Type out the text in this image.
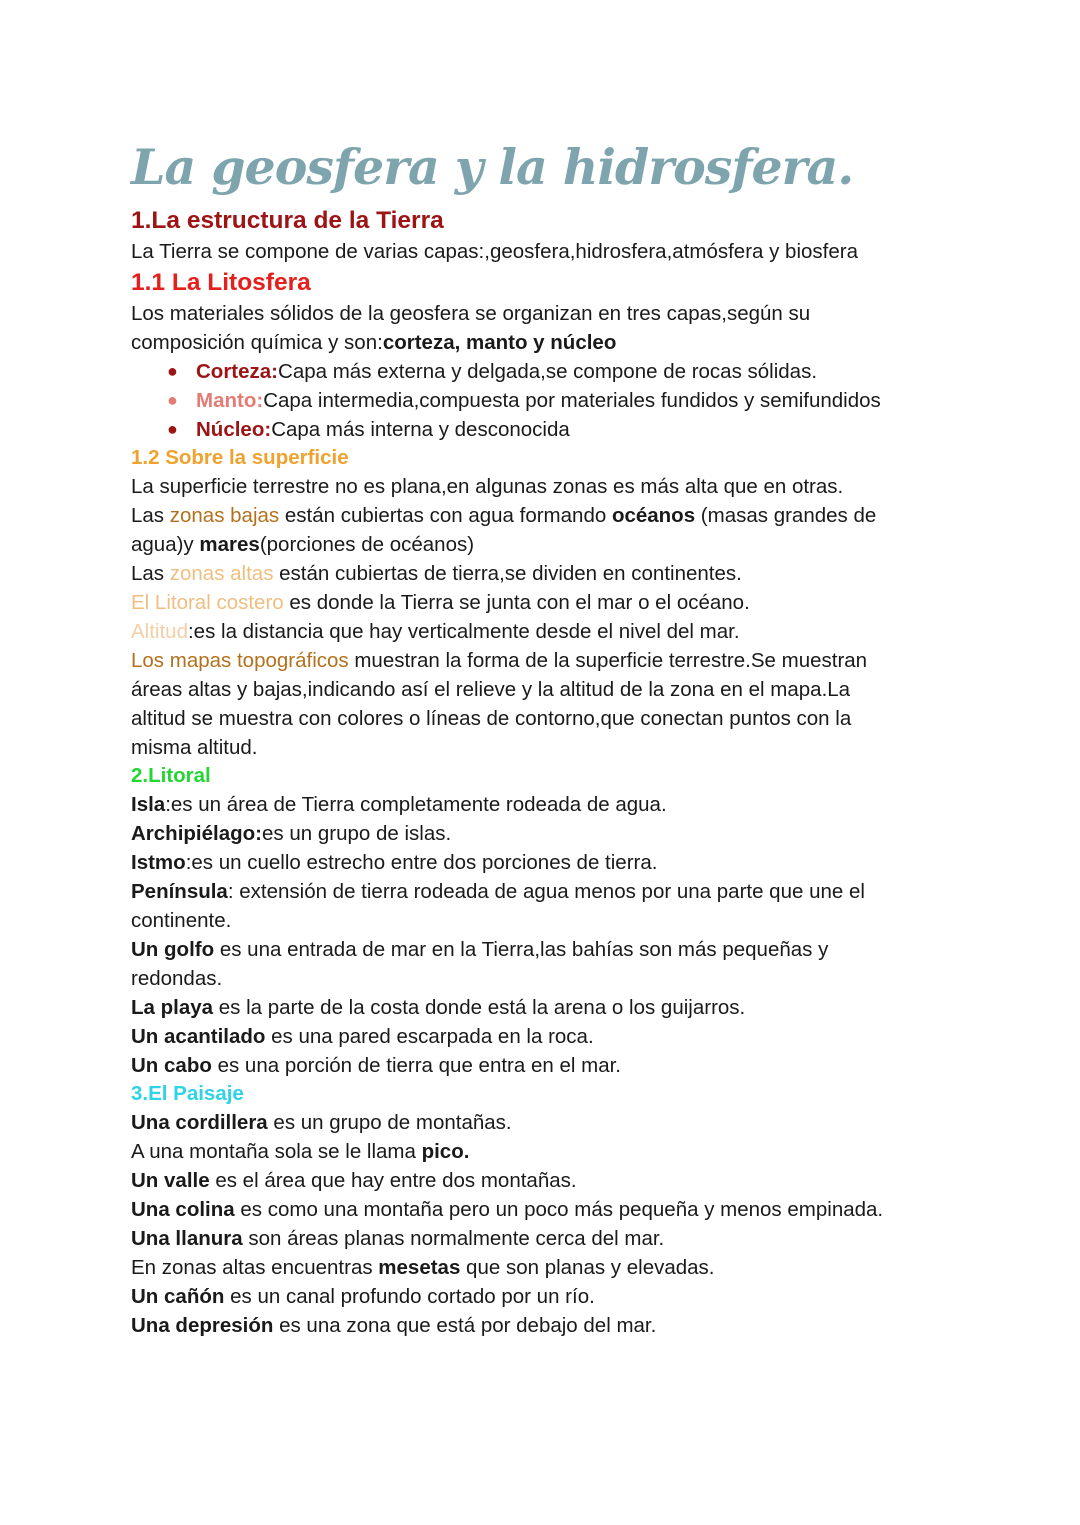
La geosfera y la hidrosfera.
1.La estructura de la Tierra
La Tierra se compone de varias capas:,geosfera,hidrosfera,atmósfera y biosfera
1.1 La Litosfera
Los materiales sólidos de la geosfera se organizan en tres capas,según su
composición química y son:corteza, manto y núcleo
● Corteza:Capa más externa y delgada,se compone de rocas sólidas.
● Manto:Capa intermedia,compuesta por materiales fundidos y semifundidos
● Núcleo:Capa más interna y desconocida
1.2 Sobre la superficie
La superficie terrestre no es plana,en algunas zonas es más alta que en otras.
Las zonas bajas están cubiertas con agua formando océanos (masas grandes de
agua)y mares(porciones de océanos)
Las zonas altas están cubiertas de tierra,se dividen en continentes.
El Litoral costero es donde la Tierra se junta con el mar o el océano.
Altitud:es la distancia que hay verticalmente desde el nivel del mar.
Los mapas topográficos muestran la forma de la superficie terrestre.Se muestran
áreas altas y bajas,indicando así el relieve y la altitud de la zona en el mapa.La
altitud se muestra con colores o líneas de contorno,que conectan puntos con la
misma altitud.
2.Litoral
Isla:es un área de Tierra completamente rodeada de agua.
Archipiélago:es un grupo de islas.
Istmo:es un cuello estrecho entre dos porciones de tierra.
Península: extensión de tierra rodeada de agua menos por una parte que une el
continente.
Un golfo es una entrada de mar en la Tierra,las bahías son más pequeñas y
redondas.
La playa es la parte de la costa donde está la arena o los guijarros.
Un acantilado es una pared escarpada en la roca.
Un cabo es una porción de tierra que entra en el mar.
3.El Paisaje
Una cordillera es un grupo de montañas.
A una montaña sola se le llama pico.
Un valle es el área que hay entre dos montañas.
Una colina es como una montaña pero un poco más pequeña y menos empinada.
Una llanura son áreas planas normalmente cerca del mar.
En zonas altas encuentras mesetas que son planas y elevadas.
Un cañón es un canal profundo cortado por un río.
Una depresión es una zona que está por debajo del mar.
